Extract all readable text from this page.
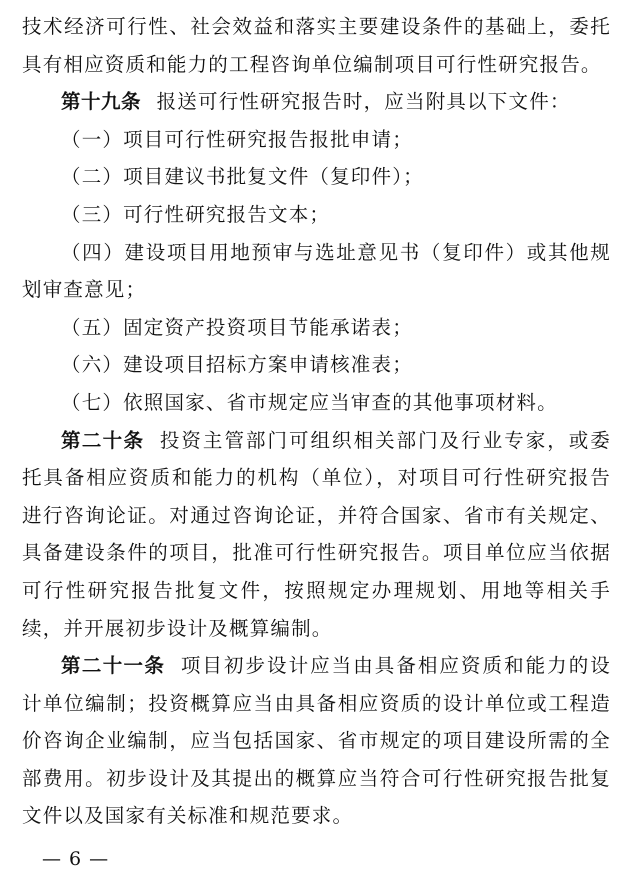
技术经济可行性、社会效益和落实主要建设条件的基础上，委托具有相应资质和能力的工程咨询单位编制项目可行性研究报告。

第十九条 报送可行性研究报告时，应当附具以下文件：

（一）项目可行性研究报告报批申请；

（二）项目建议书批复文件（复印件）；

（三）可行性研究报告文本；

（四）建设项目用地预审与选址意见书（复印件）或其他规划审查意见；

（五）固定资产投资项目节能承诺表；

（六）建设项目招标方案申请核准表；

（七）依照国家、省市规定应当审查的其他事项材料。

第二十条 投资主管部门可组织相关部门及行业专家，或委托具备相应资质和能力的机构（单位），对项目可行性研究报告进行咨询论证。对通过咨询论证，并符合国家、省市有关规定、具备建设条件的项目，批准可行性研究报告。项目单位应当依据可行性研究报告批复文件，按照规定办理规划、用地等相关手续，并开展初步设计及概算编制。

第二十一条 项目初步设计应当由具备相应资质和能力的设计单位编制；投资概算应当由具备相应资质的设计单位或工程造价咨询企业编制，应当包括国家、省市规定的项目建设所需的全部费用。初步设计及其提出的概算应当符合可行性研究报告批复文件以及国家有关标准和规范要求。

— 6 —
